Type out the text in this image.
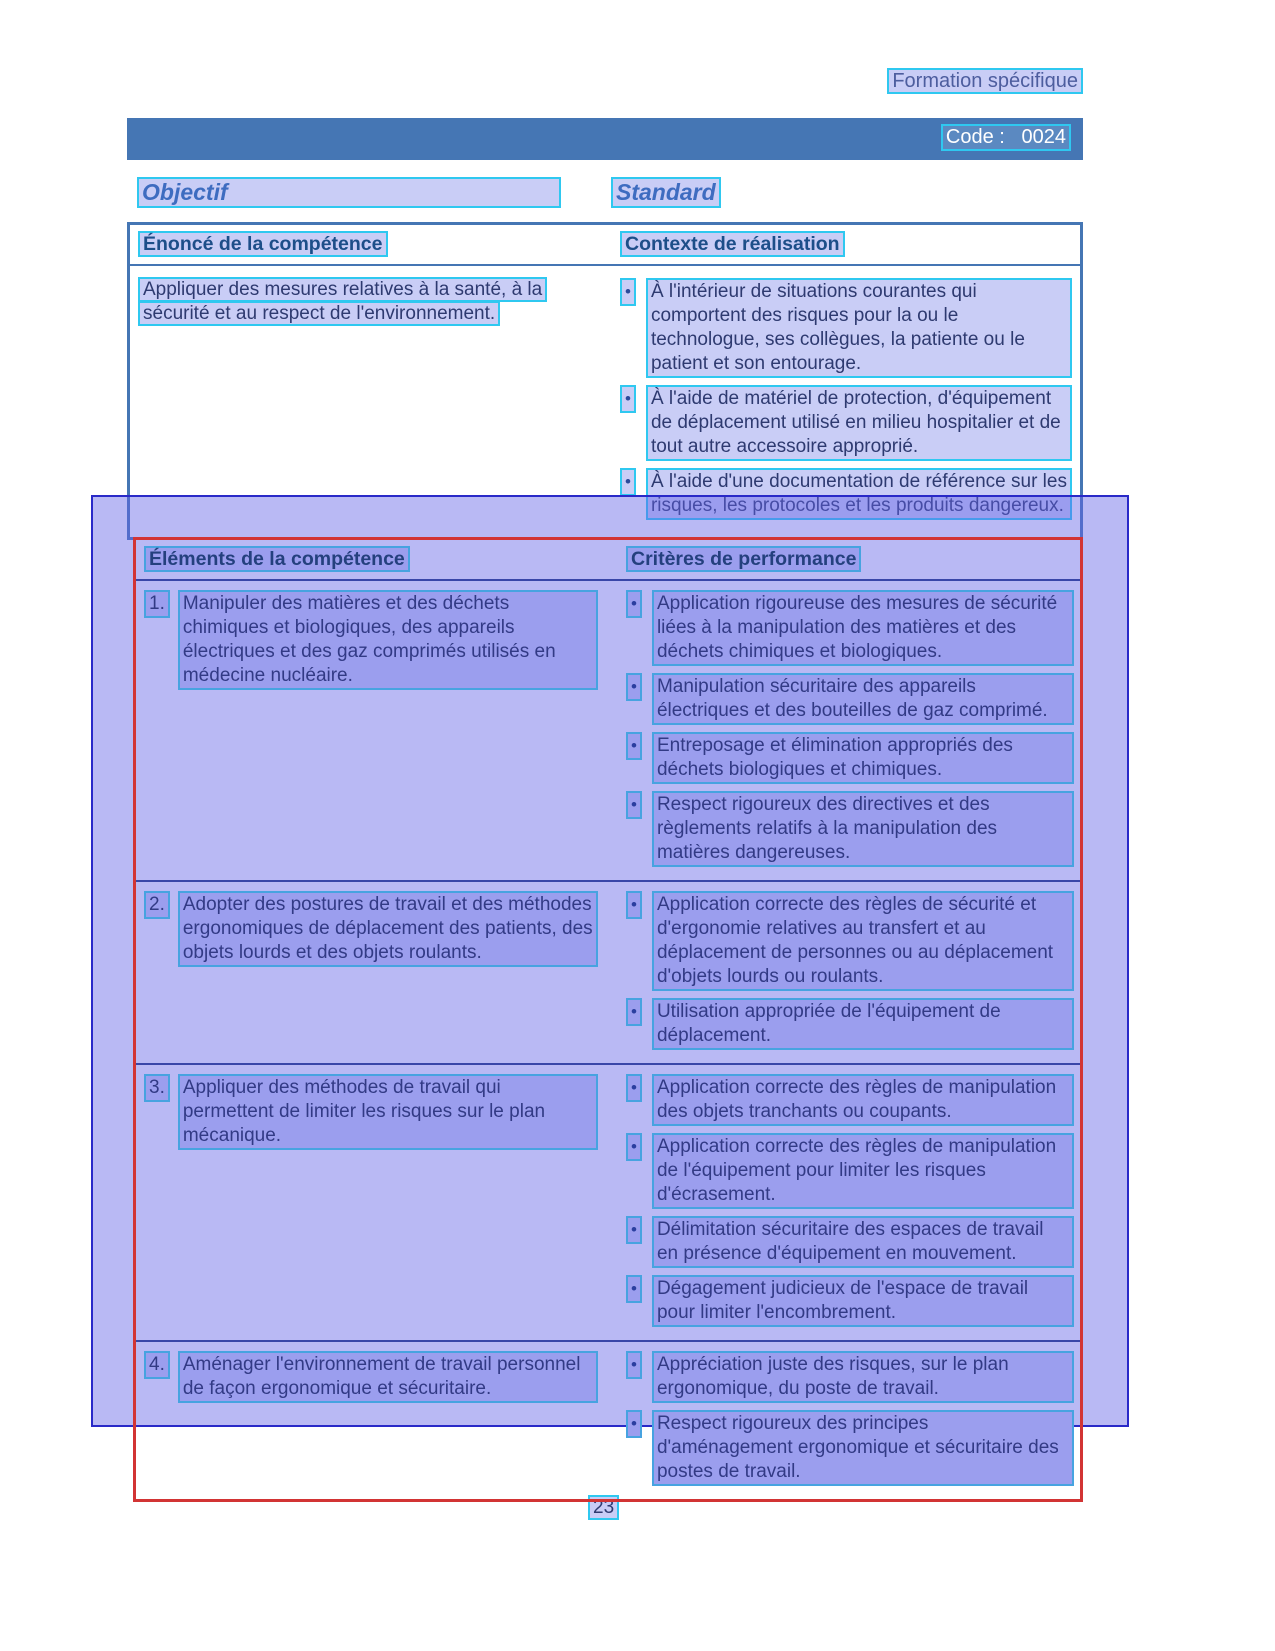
Formation spécifique
Code :   0024
Objectif	Standard
Énoncé de la compétence	Contexte de réalisation
Appliquer des mesures relatives à la santé, à la sécurité et au respect de l'environnement.
• À l'intérieur de situations courantes qui comportent des risques pour la ou le technologue, ses collègues, la patiente ou le patient et son entourage.
• À l'aide de matériel de protection, d'équipement de déplacement utilisé en milieu hospitalier et de tout autre accessoire approprié.
• À l'aide d'une documentation de référence sur les risques, les protocoles et les produits dangereux.
Éléments de la compétence	Critères de performance
1. Manipuler des matières et des déchets chimiques et biologiques, des appareils électriques et des gaz comprimés utilisés en médecine nucléaire.
• Application rigoureuse des mesures de sécurité liées à la manipulation des matières et des déchets chimiques et biologiques.
• Manipulation sécuritaire des appareils électriques et des bouteilles de gaz comprimé.
• Entreposage et élimination appropriés des déchets biologiques et chimiques.
• Respect rigoureux des directives et des règlements relatifs à la manipulation des matières dangereuses.
2. Adopter des postures de travail et des méthodes ergonomiques de déplacement des patients, des objets lourds et des objets roulants.
• Application correcte des règles de sécurité et d'ergonomie relatives au transfert et au déplacement de personnes ou au déplacement d'objets lourds ou roulants.
• Utilisation appropriée de l'équipement de déplacement.
3. Appliquer des méthodes de travail qui permettent de limiter les risques sur le plan mécanique.
• Application correcte des règles de manipulation des objets tranchants ou coupants.
• Application correcte des règles de manipulation de l'équipement pour limiter les risques d'écrasement.
• Délimitation sécuritaire des espaces de travail en présence d'équipement en mouvement.
• Dégagement judicieux de l'espace de travail pour limiter l'encombrement.
4. Aménager l'environnement de travail personnel de façon ergonomique et sécuritaire.
• Appréciation juste des risques, sur le plan ergonomique, du poste de travail.
• Respect rigoureux des principes d'aménagement ergonomique et sécuritaire des postes de travail.
23
